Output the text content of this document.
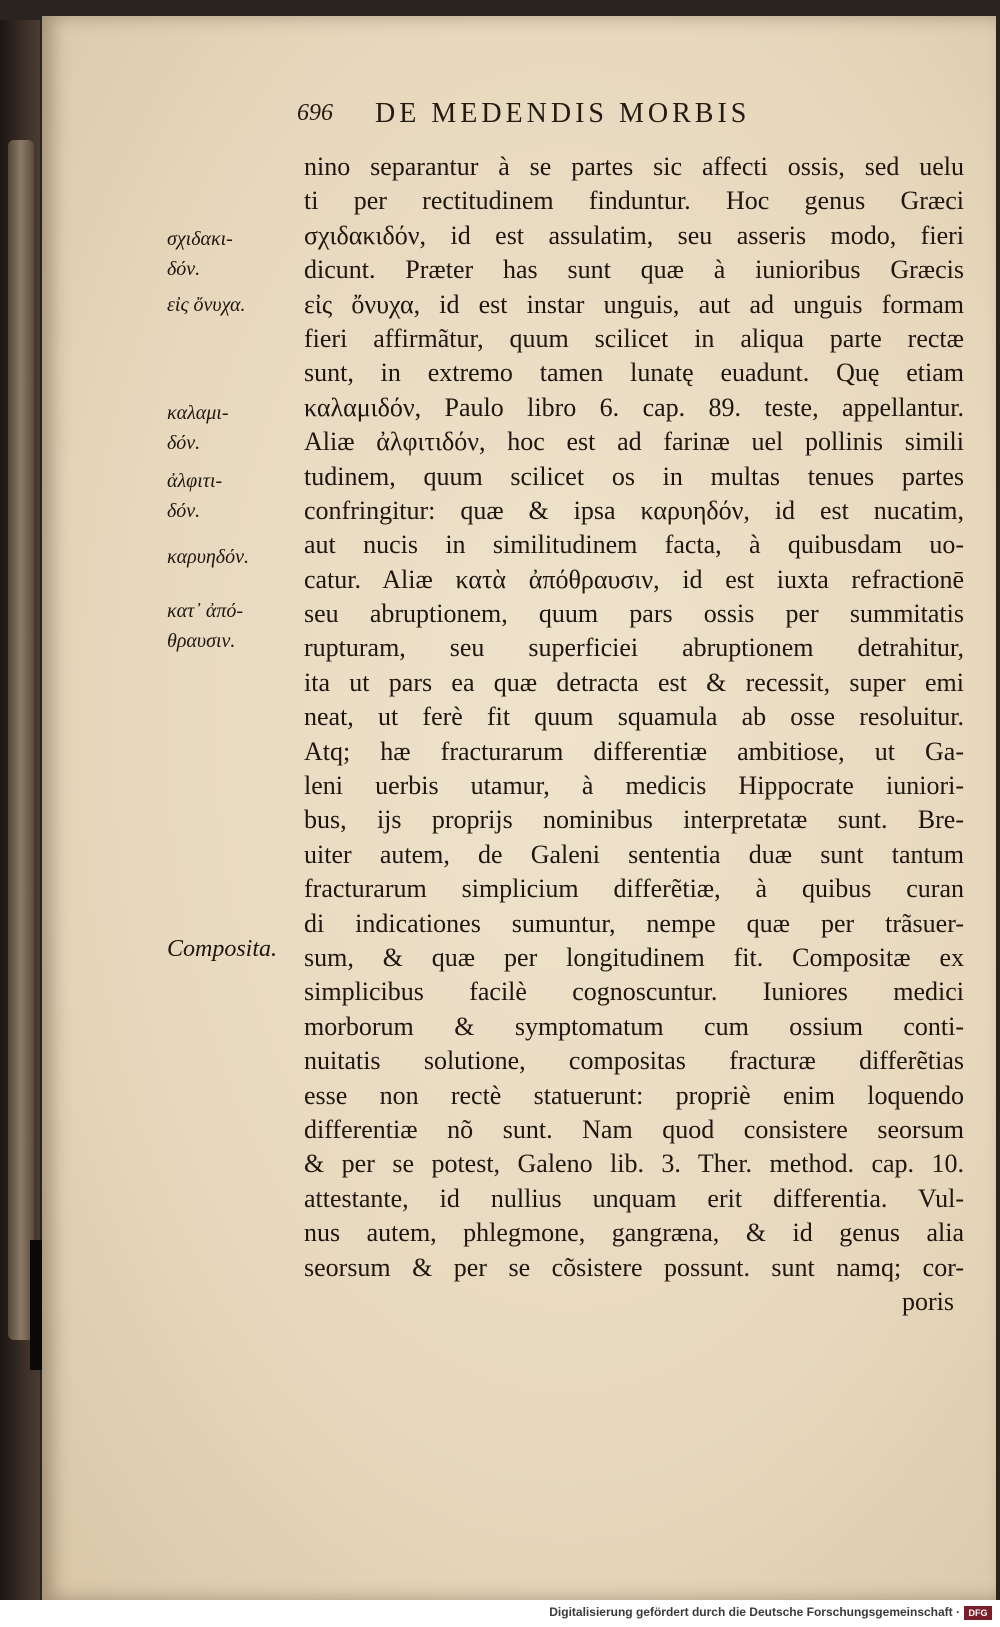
696 DE MEDENDIS MORBIS
σχιδακι-
δόν.
εἰς ὄνυχα.
καλαμι-
δόν.
ἀλφιτι-
δόν.
καρυηδόν.
κατ᾽ ἀπό-
θραυσιν.
Composita.
nino separantur à se partes sic affecti ossis, sed uelu
ti per rectitudinem finduntur. Hoc genus Græci
σχιδακιδόν, id est assulatim, seu asseris modo, fieri
dicunt. Præter has sunt quæ à iunioribus Græcis
εἰς ὄνυχα, id est instar unguis, aut ad unguis formam
fieri affirmãtur, quum scilicet in aliqua parte rectæ
sunt, in extremo tamen lunatę euadunt. Quę etiam
καλαμιδόν, Paulo libro 6. cap. 89. teste, appellantur.
Aliæ ἀλφιτιδόν, hoc est ad farinæ uel pollinis simili
tudinem, quum scilicet os in multas tenues partes
confringitur: quæ & ipsa καρυηδόν, id est nucatim,
aut nucis in similitudinem facta, à quibusdam uo-
catur. Aliæ κατὰ ἀπόθραυσιν, id est iuxta refractionē
seu abruptionem, quum pars ossis per summitatis
rupturam, seu superficiei abruptionem detrahitur,
ita ut pars ea quæ detracta est & recessit, super emi
neat, ut ferè fit quum squamula ab osse resoluitur.
Atq; hæ fracturarum differentiæ ambitiose, ut Ga-
leni uerbis utamur, à medicis Hippocrate iuniori-
bus, ijs proprijs nominibus interpretatæ sunt. Bre-
uiter autem, de Galeni sententia duæ sunt tantum
fracturarum simplicium differẽtiæ, à quibus curan
di indicationes sumuntur, nempe quæ per trãsuer-
sum, & quæ per longitudinem fit. Compositæ ex
simplicibus facilè cognoscuntur. Iuniores medici
morborum & symptomatum cum ossium conti-
nuitatis solutione, compositas fracturæ differẽtias
esse non rectè statuerunt: propriè enim loquendo
differentiæ nõ sunt. Nam quod consistere seorsum
& per se potest, Galeno lib. 3. Ther. method. cap. 10.
attestante, id nullius unquam erit differentia. Vul-
nus autem, phlegmone, gangræna, & id genus alia
seorsum & per se cõsistere possunt. sunt namq; cor-
poris
Digitalisierung gefördert durch die Deutsche Forschungsgemeinschaft · DFG
